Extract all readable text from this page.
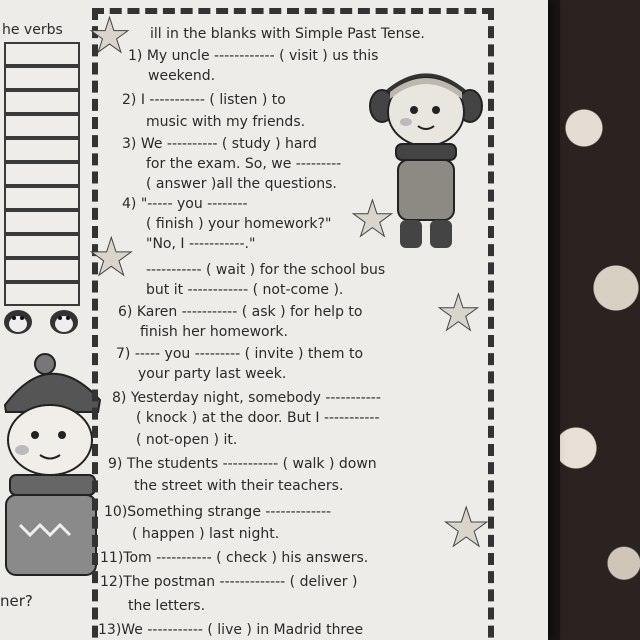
he verbs
ner?
★
★
★
★
★
ill in the blanks with Simple Past Tense.
1) My uncle ------------ ( visit ) us this
weekend.
2) I ----------- ( listen ) to
music with my friends.
3) We ---------- ( study ) hard
for the exam. So, we ---------
( answer )all the questions.
4) "----- you --------
( finish ) your homework?"
"No, I -----------."
----------- ( wait ) for the school bus
but it ------------ ( not-come ).
6) Karen ----------- ( ask ) for help to
finish her homework.
7) ----- you --------- ( invite ) them to
your party last week.
8) Yesterday night, somebody -----------
( knock ) at the door. But I -----------
( not-open ) it.
9) The students ----------- ( walk ) down
the street with their teachers.
10)Something strange -------------
( happen ) last night.
11)Tom ----------- ( check ) his answers.
12)The postman ------------- ( deliver )
the letters.
13)We ----------- ( live ) in Madrid three
